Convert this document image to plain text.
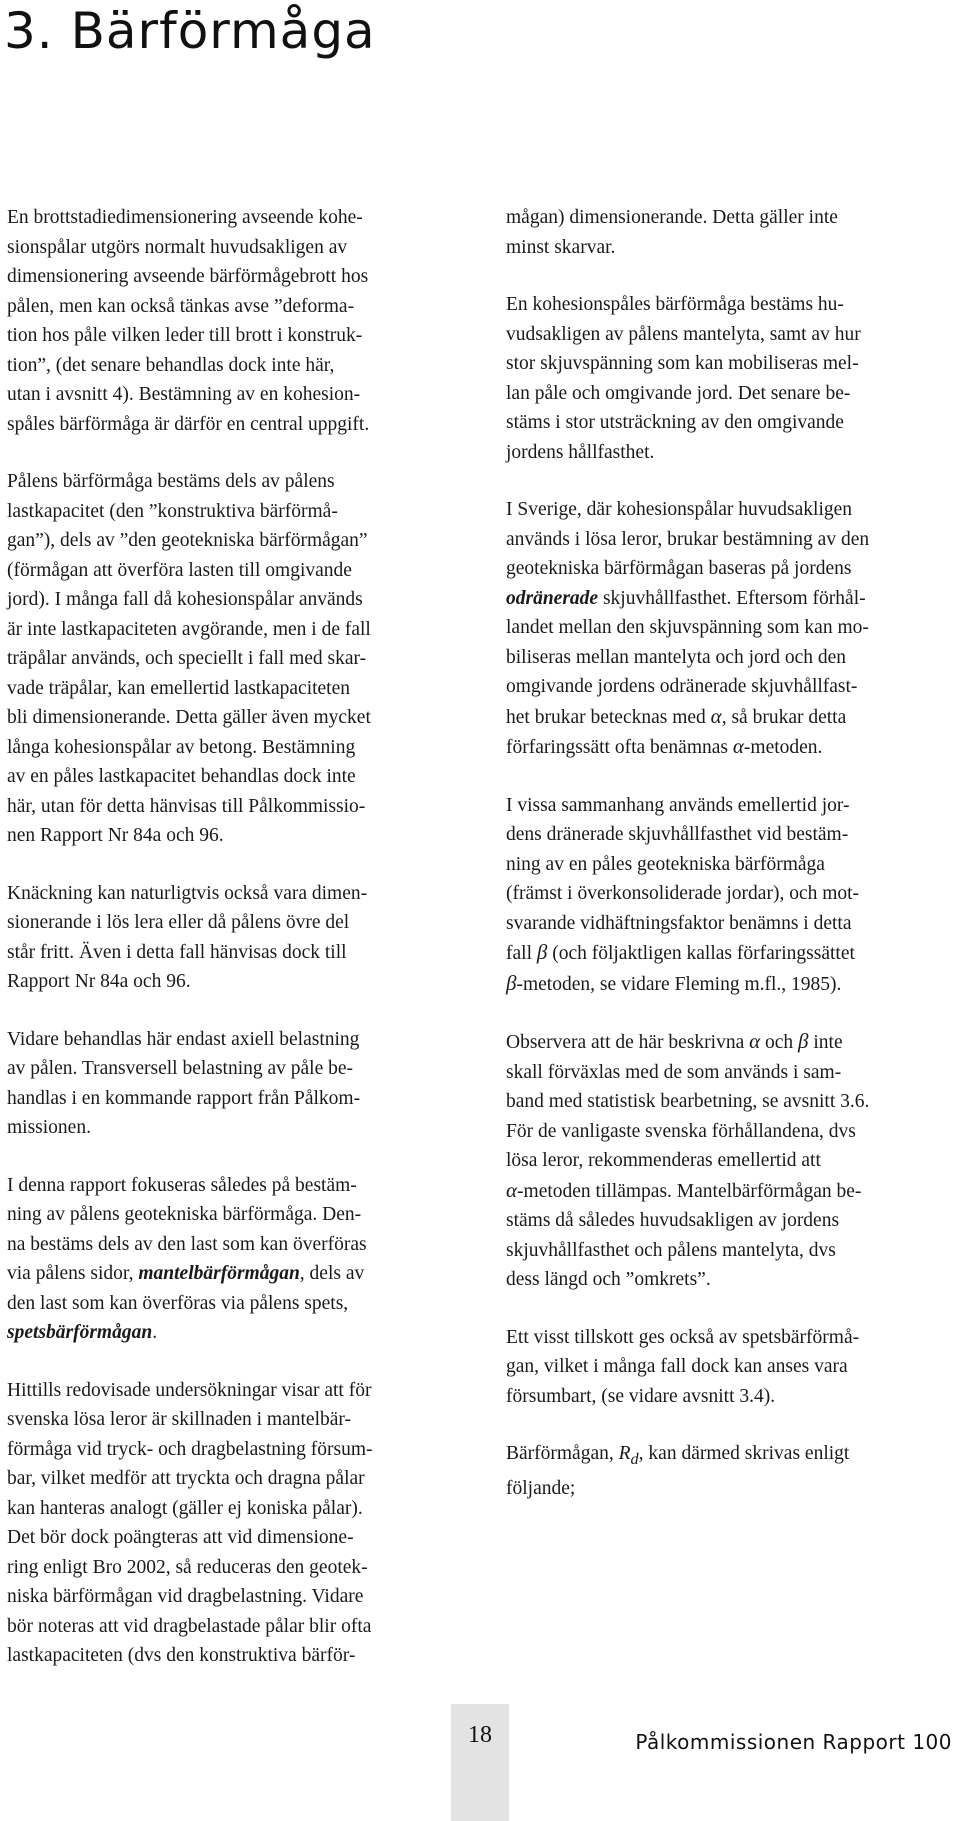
3. Bärförmåga

En brottstadiedimensionering avseende kohe-
sionspålar utgörs normalt huvudsakligen av
dimensionering avseende bärförmågebrott hos
pålen, men kan också tänkas avse ”deforma-
tion hos påle vilken leder till brott i konstruk-
tion”, (det senare behandlas dock inte här,
utan i avsnitt 4). Bestämning av en kohesion-
spåles bärförmåga är därför en central uppgift.

Pålens bärförmåga bestäms dels av pålens
lastkapacitet (den ”konstruktiva bärförmå-
gan”), dels av ”den geotekniska bärförmågan”
(förmågan att överföra lasten till omgivande
jord). I många fall då kohesionspålar används
är inte lastkapaciteten avgörande, men i de fall
träpålar används, och speciellt i fall med skar-
vade träpålar, kan emellertid lastkapaciteten
bli dimensionerande. Detta gäller även mycket
långa kohesionspålar av betong. Bestämning
av en påles lastkapacitet behandlas dock inte
här, utan för detta hänvisas till Pålkommissio-
nen Rapport Nr 84a och 96.

Knäckning kan naturligtvis också vara dimen-
sionerande i lös lera eller då pålens övre del
står fritt. Även i detta fall hänvisas dock till
Rapport Nr 84a och 96.

Vidare behandlas här endast axiell belastning
av pålen. Transversell belastning av påle be-
handlas i en kommande rapport från Pålkom-
missionen.

I denna rapport fokuseras således på bestäm-
ning av pålens geotekniska bärförmåga. Den-
na bestäms dels av den last som kan överföras
via pålens sidor, mantelbärförmågan, dels av
den last som kan överföras via pålens spets,
spetsbärförmågan.

Hittills redovisade undersökningar visar att för
svenska lösa leror är skillnaden i mantelbär-
förmåga vid tryck- och dragbelastning försum-
bar, vilket medför att tryckta och dragna pålar
kan hanteras analogt (gäller ej koniska pålar).
Det bör dock poängteras att vid dimensione-
ring enligt Bro 2002, så reduceras den geotek-
niska bärförmågan vid dragbelastning. Vidare
bör noteras att vid dragbelastade pålar blir ofta
lastkapaciteten (dvs den konstruktiva bärför-

mågan) dimensionerande. Detta gäller inte
minst skarvar.

En kohesionspåles bärförmåga bestäms hu-
vudsakligen av pålens mantelyta, samt av hur
stor skjuvspänning som kan mobiliseras mel-
lan påle och omgivande jord. Det senare be-
stäms i stor utsträckning av den omgivande
jordens hållfasthet.

I Sverige, där kohesionspålar huvudsakligen
används i lösa leror, brukar bestämning av den
geotekniska bärförmågan baseras på jordens
odränerade skjuvhållfasthet. Eftersom förhål-
landet mellan den skjuvspänning som kan mo-
biliseras mellan mantelyta och jord och den
omgivande jordens odränerade skjuvhållfast-
het brukar betecknas med α, så brukar detta
förfaringssätt ofta benämnas α-metoden.

I vissa sammanhang används emellertid jor-
dens dränerade skjuvhållfasthet vid bestäm-
ning av en påles geotekniska bärförmåga
(främst i överkonsoliderade jordar), och mot-
svarande vidhäftningsfaktor benämns i detta
fall β (och följaktligen kallas förfaringssättet
β-metoden, se vidare Fleming m.fl., 1985).

Observera att de här beskrivna α och β inte
skall förväxlas med de som används i sam-
band med statistisk bearbetning, se avsnitt 3.6.
För de vanligaste svenska förhållandena, dvs
lösa leror, rekommenderas emellertid att
α-metoden tillämpas. Mantelbärförmågan be-
stäms då således huvudsakligen av jordens
skjuvhållfasthet och pålens mantelyta, dvs
dess längd och ”omkrets”.

Ett visst tillskott ges också av spetsbärförmå-
gan, vilket i många fall dock kan anses vara
försumbart, (se vidare avsnitt 3.4).

Bärförmågan, $R_d$, kan därmed skrivas enligt
följande;

18	Pålkommissionen Rapport 100
